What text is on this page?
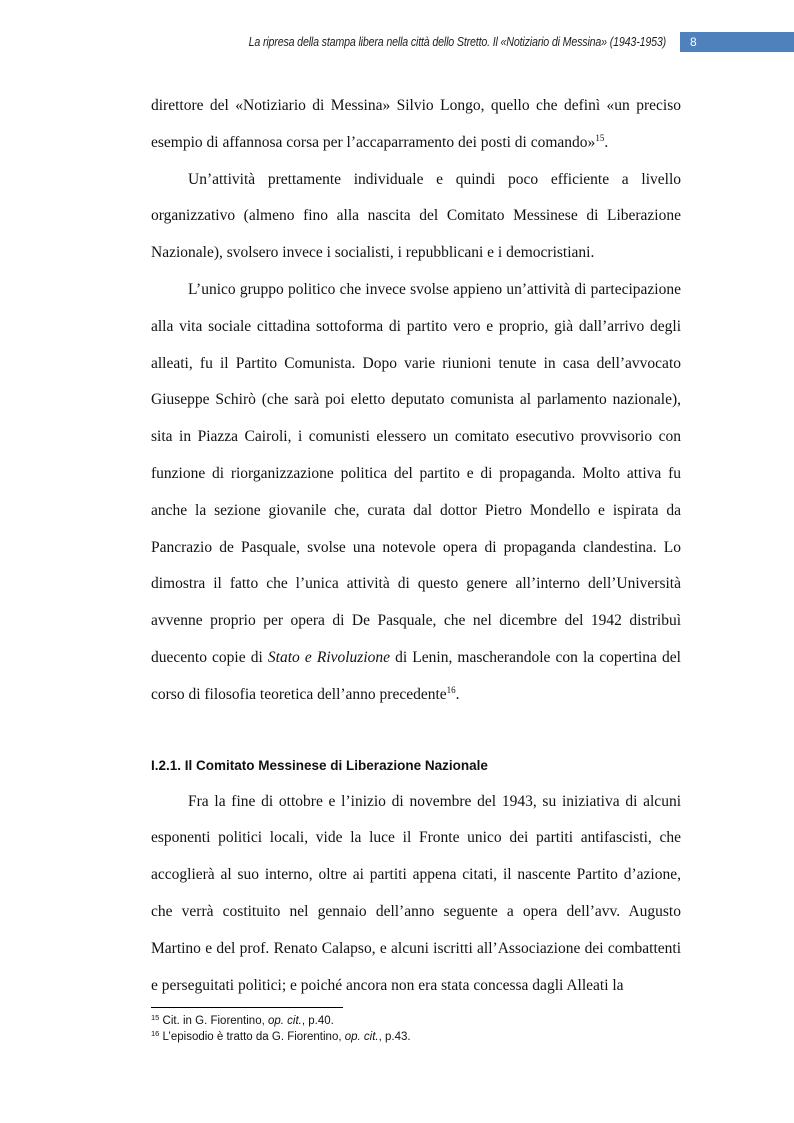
La ripresa della stampa libera nella città dello Stretto. Il «Notiziario di Messina» (1943-1953)	8

direttore del «Notiziario di Messina» Silvio Longo, quello che definì «un preciso esempio di affannosa corsa per l’accaparramento dei posti di comando»$^{15}$.

Un’attività prettamente individuale e quindi poco efficiente a livello organizzativo (almeno fino alla nascita del Comitato Messinese di Liberazione Nazionale), svolsero invece i socialisti, i repubblicani e i democristiani.

L’unico gruppo politico che invece svolse appieno un’attività di partecipazione alla vita sociale cittadina sottoforma di partito vero e proprio, già dall’arrivo degli alleati, fu il Partito Comunista. Dopo varie riunioni tenute in casa dell’avvocato Giuseppe Schirò (che sarà poi eletto deputato comunista al parlamento nazionale), sita in Piazza Cairoli, i comunisti elessero un comitato esecutivo provvisorio con funzione di riorganizzazione politica del partito e di propaganda. Molto attiva fu anche la sezione giovanile che, curata dal dottor Pietro Mondello e ispirata da Pancrazio de Pasquale, svolse una notevole opera di propaganda clandestina. Lo dimostra il fatto che l’unica attività di questo genere all’interno dell’Università avvenne proprio per opera di De Pasquale, che nel dicembre del 1942 distribuì duecento copie di Stato e Rivoluzione di Lenin, mascherandole con la copertina del corso di filosofia teoretica dell’anno precedente$^{16}$.

I.2.1. Il Comitato Messinese di Liberazione Nazionale

Fra la fine di ottobre e l’inizio di novembre del 1943, su iniziativa di alcuni esponenti politici locali, vide la luce il Fronte unico dei partiti antifascisti, che accoglierà al suo interno, oltre ai partiti appena citati, il nascente Partito d’azione, che verrà costituito nel gennaio dell’anno seguente a opera dell’avv. Augusto Martino e del prof. Renato Calapso, e alcuni iscritti all’Associazione dei combattenti e perseguitati politici; e poiché ancora non era stata concessa dagli Alleati la

$^{15}$ Cit. in G. Fiorentino, op. cit., p.40.
$^{16}$ L’episodio è tratto da G. Fiorentino, op. cit., p.43.
